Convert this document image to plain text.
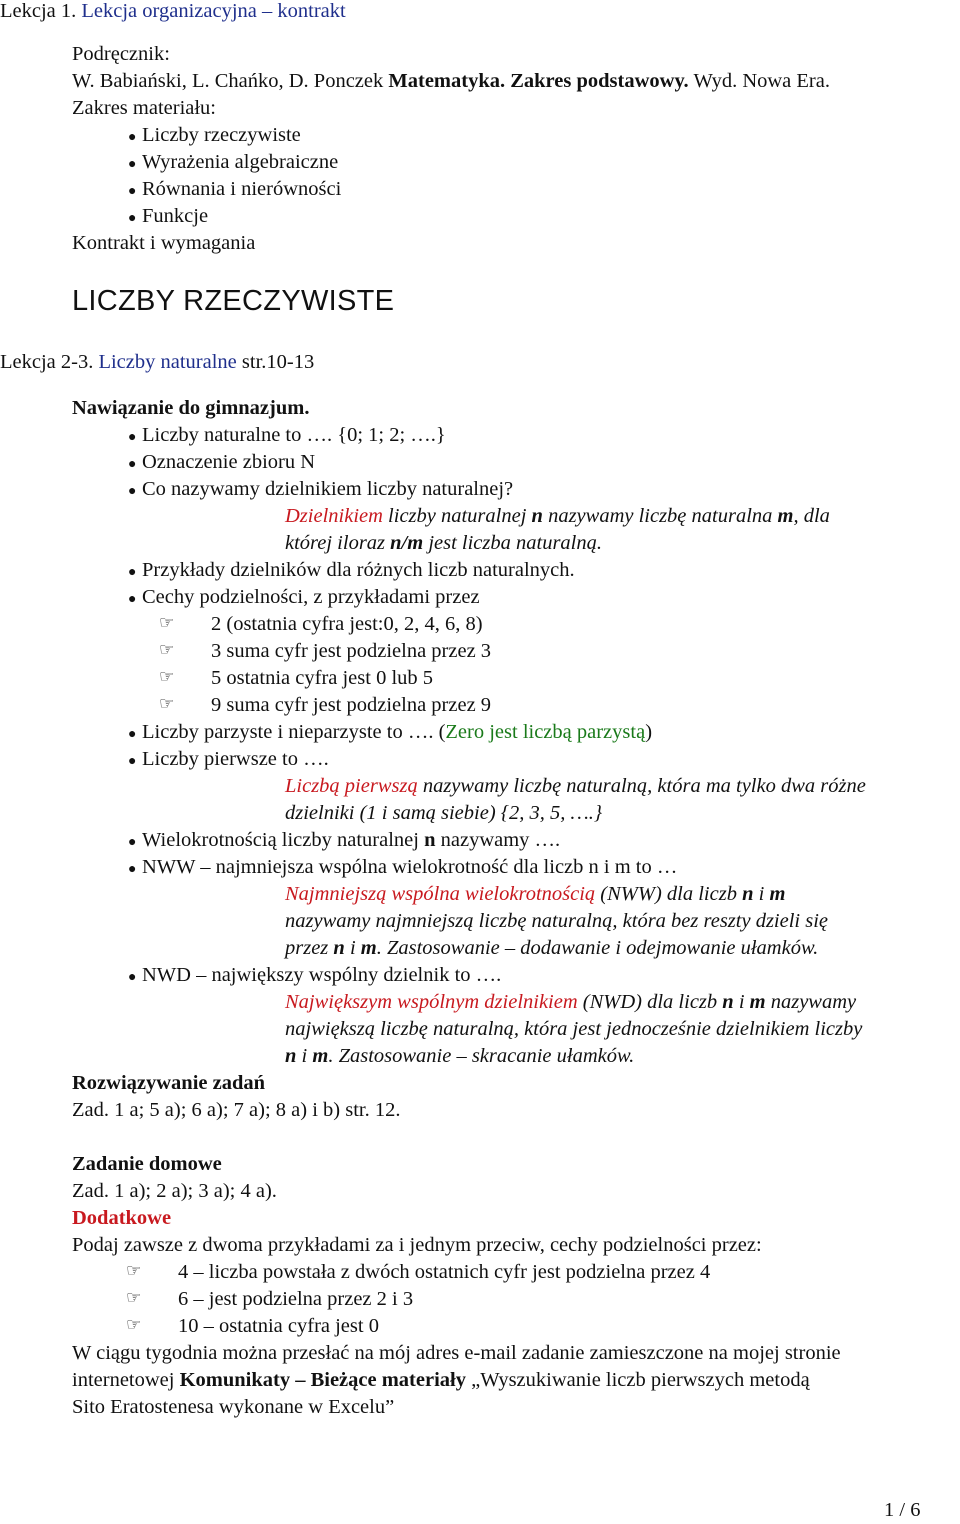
Lekcja 1. Lekcja organizacyjna – kontrakt
Podręcznik:
W. Babiański, L. Chańko, D. Ponczek Matematyka. Zakres podstawowy. Wyd. Nowa Era.
Zakres materiału:
● Liczby rzeczywiste
● Wyrażenia algebraiczne
● Równania i nierówności
● Funkcje
Kontrakt i wymagania
LICZBY RZECZYWISTE
Lekcja 2-3. Liczby naturalne str.10-13
Nawiązanie do gimnazjum.
● Liczby naturalne to …. {0; 1; 2; ….}
● Oznaczenie zbioru N
● Co nazywamy dzielnikiem liczby naturalnej?
Dzielnikiem liczby naturalnej n nazywamy liczbę naturalna m, dla
której iloraz n/m jest liczba naturalną.
● Przykłady dzielników dla różnych liczb naturalnych.
● Cechy podzielności, z przykładami przez
☞ 2 (ostatnia cyfra jest:0, 2, 4, 6, 8)
☞ 3 suma cyfr jest podzielna przez 3
☞ 5 ostatnia cyfra jest 0 lub 5
☞ 9 suma cyfr jest podzielna przez 9
● Liczby parzyste i nieparzyste to …. (Zero jest liczbą parzystą)
● Liczby pierwsze to ….
Liczbą pierwszą nazywamy liczbę naturalną, która ma tylko dwa różne
dzielniki (1 i samą siebie) {2, 3, 5, ….}
● Wielokrotnością liczby naturalnej n nazywamy ….
● NWW – najmniejsza wspólna wielokrotność dla liczb n i m to …
Najmniejszą wspólna wielokrotnością (NWW) dla liczb n i m
nazywamy najmniejszą liczbę naturalną, która bez reszty dzieli się
przez n i m. Zastosowanie – dodawanie i odejmowanie ułamków.
● NWD – największy wspólny dzielnik to ….
Największym wspólnym dzielnikiem (NWD) dla liczb n i m nazywamy
największą liczbę naturalną, która jest jednocześnie dzielnikiem liczby
n i m. Zastosowanie – skracanie ułamków.
Rozwiązywanie zadań
Zad. 1 a; 5 a); 6 a); 7 a); 8 a) i b) str. 12.
Zadanie domowe
Zad. 1 a); 2 a); 3 a); 4 a).
Dodatkowe
Podaj zawsze z dwoma przykładami za i jednym przeciw, cechy podzielności przez:
☞ 4 – liczba powstała z dwóch ostatnich cyfr jest podzielna przez 4
☞ 6 – jest podzielna przez 2 i 3
☞ 10 – ostatnia cyfra jest 0
W ciągu tygodnia można przesłać na mój adres e-mail zadanie zamieszczone na mojej stronie
internetowej Komunikaty – Bieżące materiały „Wyszukiwanie liczb pierwszych metodą
Sito Eratostenesa wykonane w Excelu”
1 / 6
